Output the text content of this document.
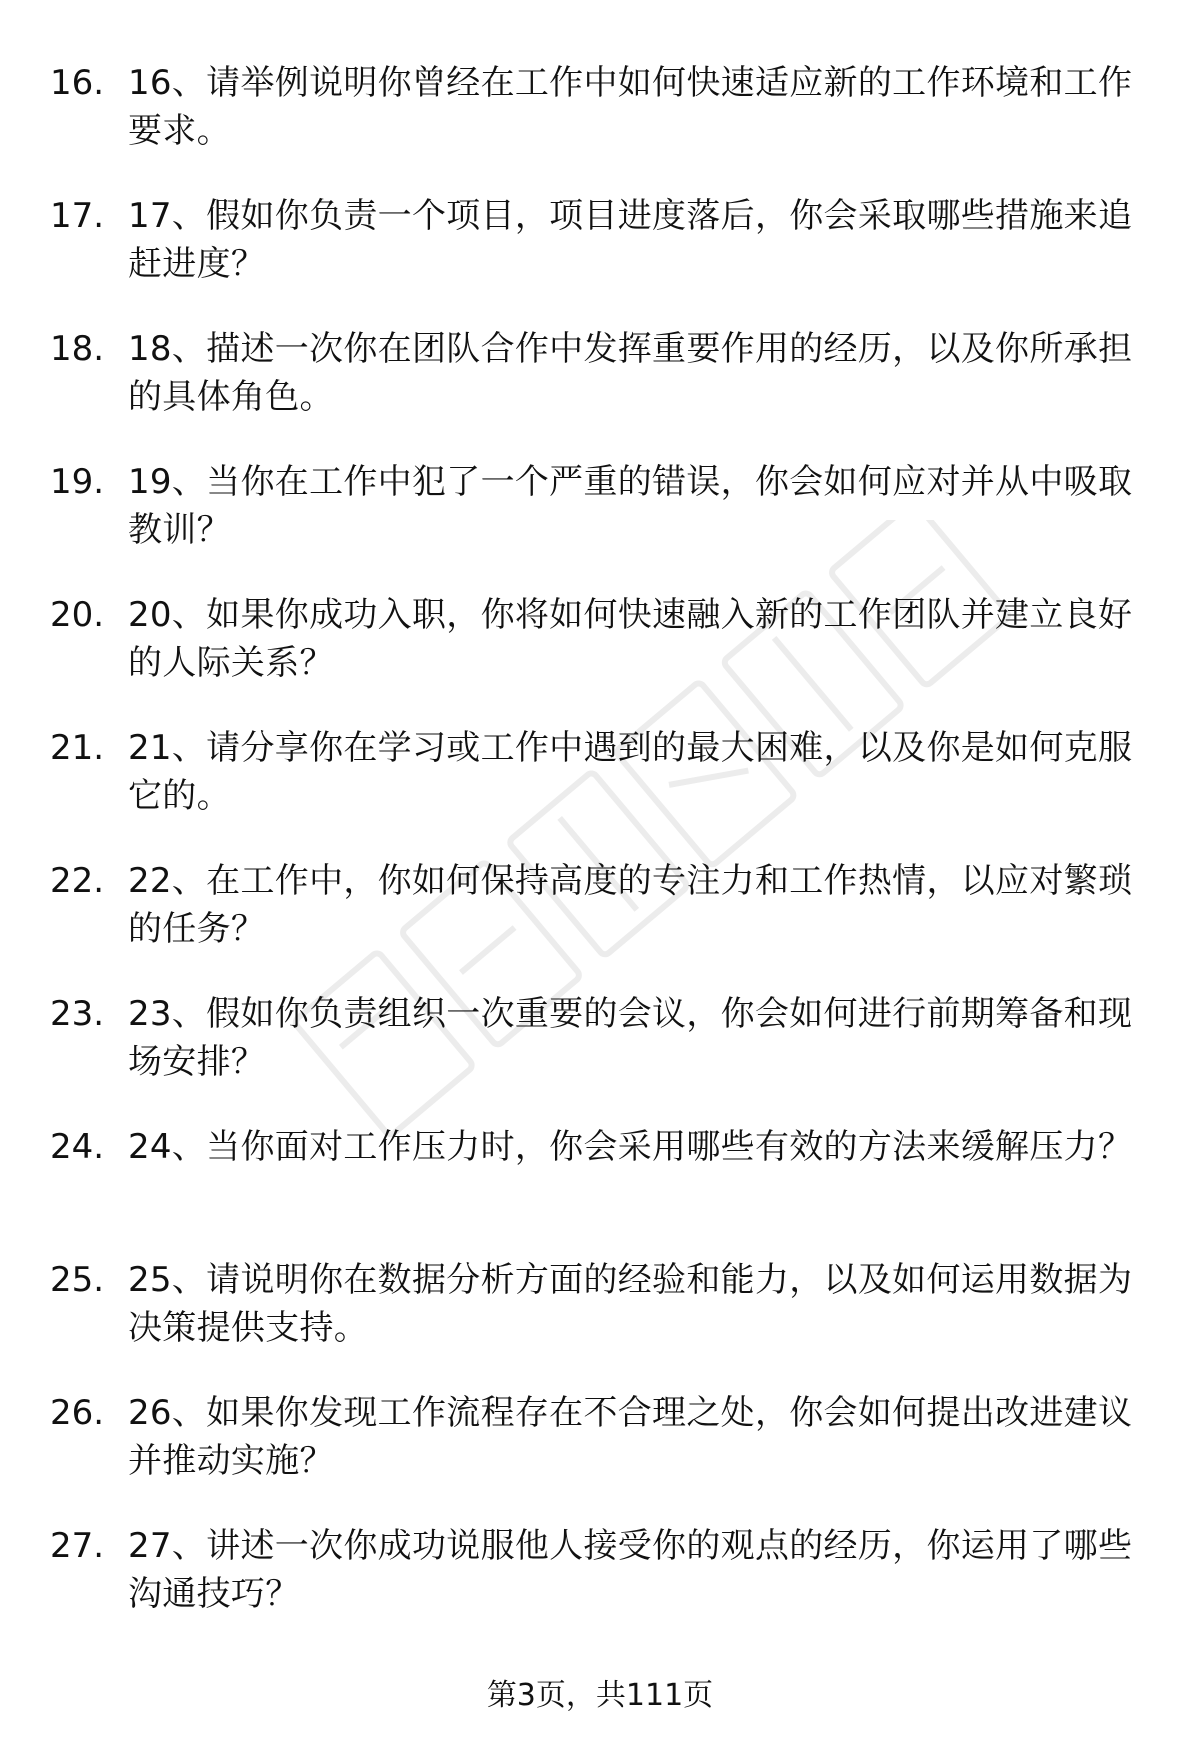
16. 16、请举例说明你曾经在工作中如何快速适应新的工作环境和工作要求。
17. 17、假如你负责一个项目，项目进度落后，你会采取哪些措施来追赶进度？
18. 18、描述一次你在团队合作中发挥重要作用的经历，以及你所承担的具体角色。
19. 19、当你在工作中犯了一个严重的错误，你会如何应对并从中吸取教训？
20. 20、如果你成功入职，你将如何快速融入新的工作团队并建立良好的人际关系？
21. 21、请分享你在学习或工作中遇到的最大困难，以及你是如何克服它的。
22. 22、在工作中，你如何保持高度的专注力和工作热情，以应对繁琐的任务？
23. 23、假如你负责组织一次重要的会议，你会如何进行前期筹备和现场安排？
24. 24、当你面对工作压力时，你会采用哪些有效的方法来缓解压力？
25. 25、请说明你在数据分析方面的经验和能力，以及如何运用数据为决策提供支持。
26. 26、如果你发现工作流程存在不合理之处，你会如何提出改进建议并推动实施？
27. 27、讲述一次你成功说服他人接受你的观点的经历，你运用了哪些沟通技巧？
第3页，共111页
